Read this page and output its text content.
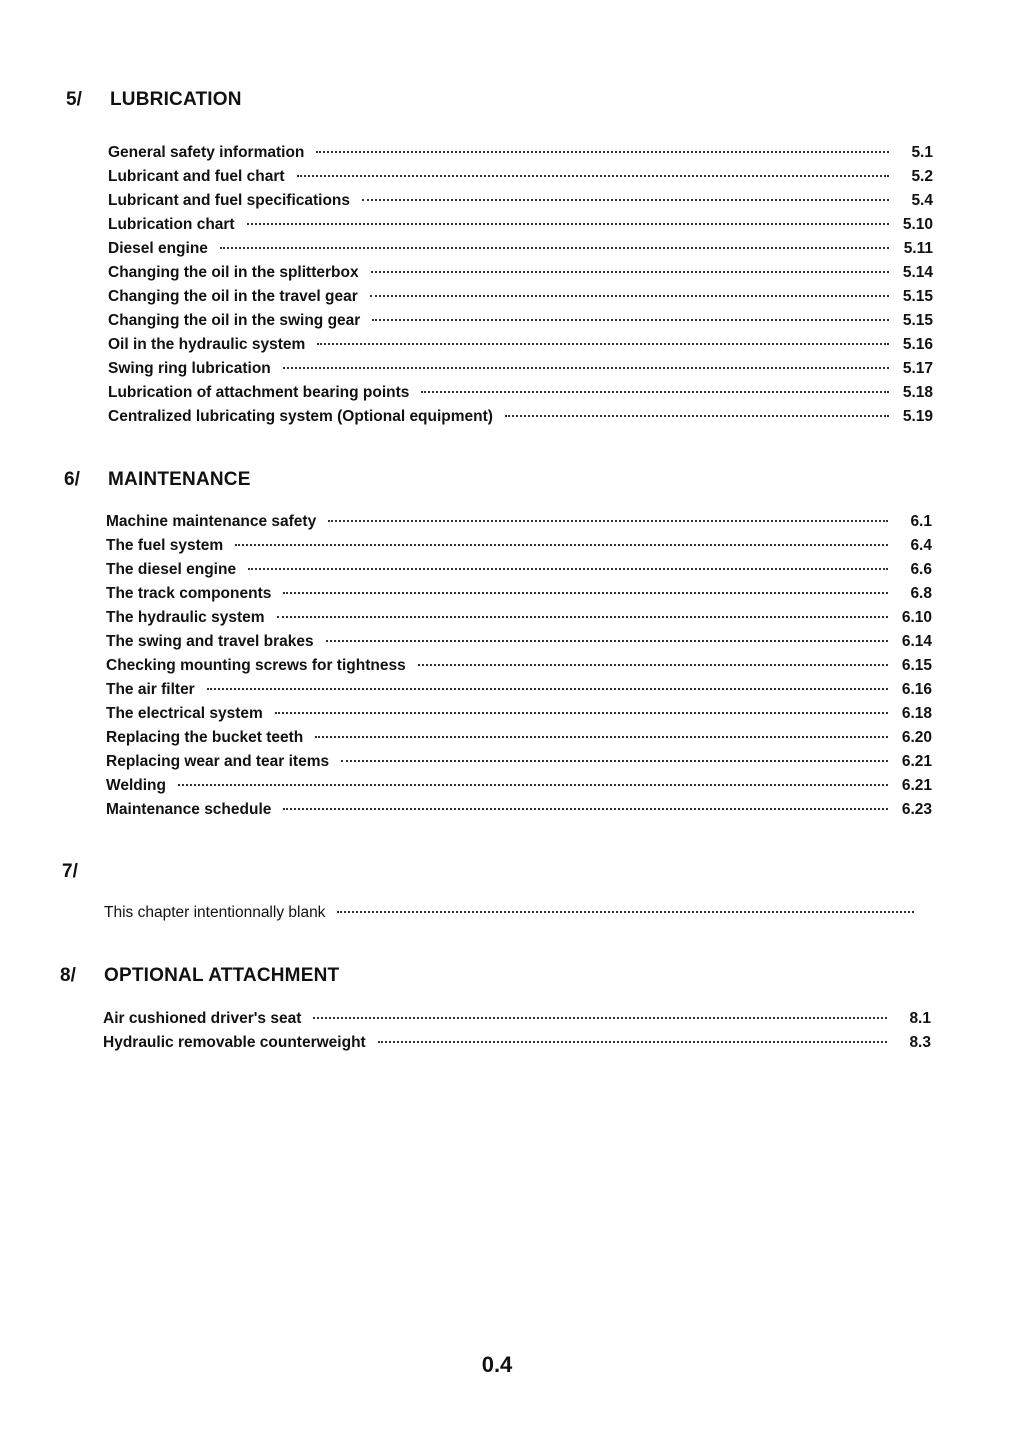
5/ LUBRICATION
General safety information	5.1
Lubricant and fuel chart	5.2
Lubricant and fuel specifications	5.4
Lubrication chart	5.10
Diesel engine	5.11
Changing the oil in the splitterbox	5.14
Changing the oil in the travel gear	5.15
Changing the oil in the swing gear	5.15
Oil in the hydraulic system	5.16
Swing ring lubrication	5.17
Lubrication of attachment bearing points	5.18
Centralized lubricating system (Optional equipment)	5.19
6/ MAINTENANCE
Machine maintenance safety	6.1
The fuel system	6.4
The diesel engine	6.6
The track components	6.8
The hydraulic system	6.10
The swing and travel brakes	6.14
Checking mounting screws for tightness	6.15
The air filter	6.16
The electrical system	6.18
Replacing the bucket teeth	6.20
Replacing wear and tear items	6.21
Welding	6.21
Maintenance schedule	6.23
7/
This chapter intentionnally blank
8/ OPTIONAL ATTACHMENT
Air cushioned driver's seat	8.1
Hydraulic removable counterweight	8.3
0.4
